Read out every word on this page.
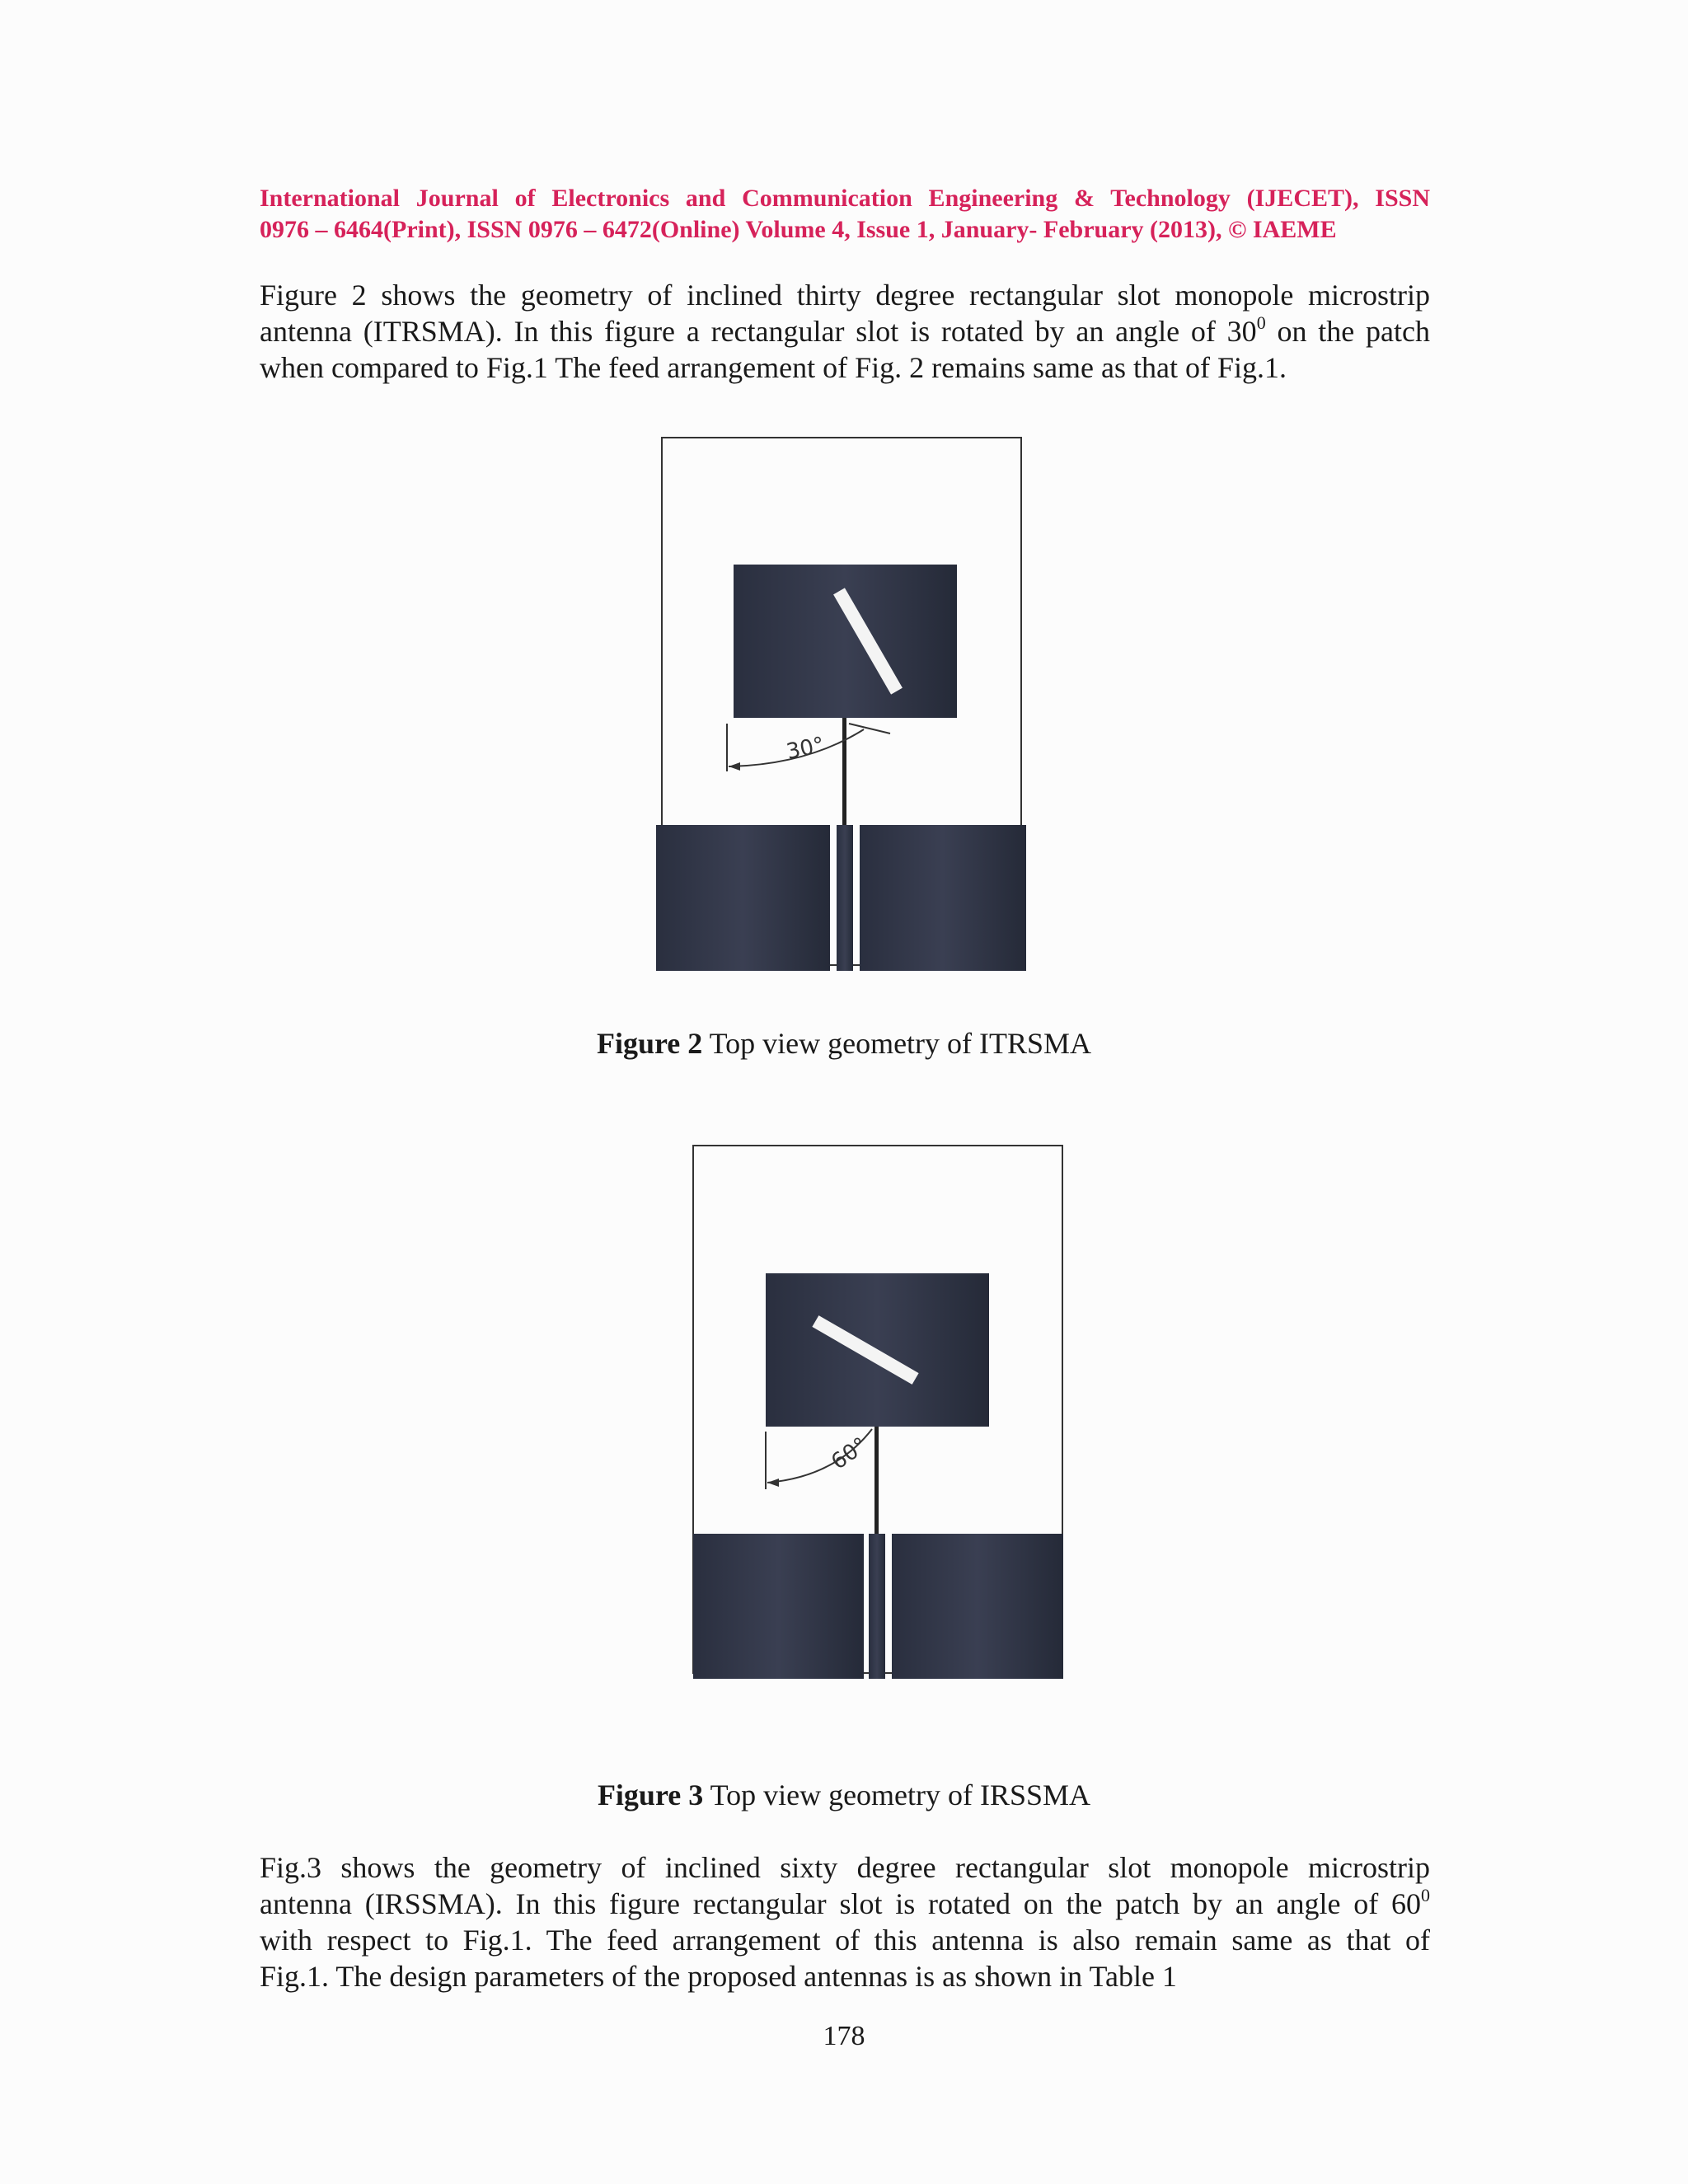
International Journal of Electronics and Communication Engineering & Technology (IJECET), ISSN

0976 – 6464(Print), ISSN 0976 – 6472(Online) Volume 4, Issue 1, January- February (2013), © IAEME

Figure 2 shows the geometry of inclined thirty degree rectangular slot monopole microstrip

antenna (ITRSMA). In this figure a rectangular slot is rotated by an angle of $30^0$ on the patch

when compared to Fig.1 The feed arrangement of Fig. 2 remains same as that of Fig.1.

30°
Figure 2 Top view geometry of ITRSMA
60°
Figure 3 Top view geometry of IRSSMA

Fig.3 shows the geometry of inclined sixty degree rectangular slot monopole microstrip

antenna (IRSSMA). In this figure rectangular slot is rotated on the patch by an angle of $60^0$

with respect to Fig.1. The feed arrangement of this antenna is also remain same as that of

Fig.1. The design parameters of the proposed antennas is as shown in Table 1

178
